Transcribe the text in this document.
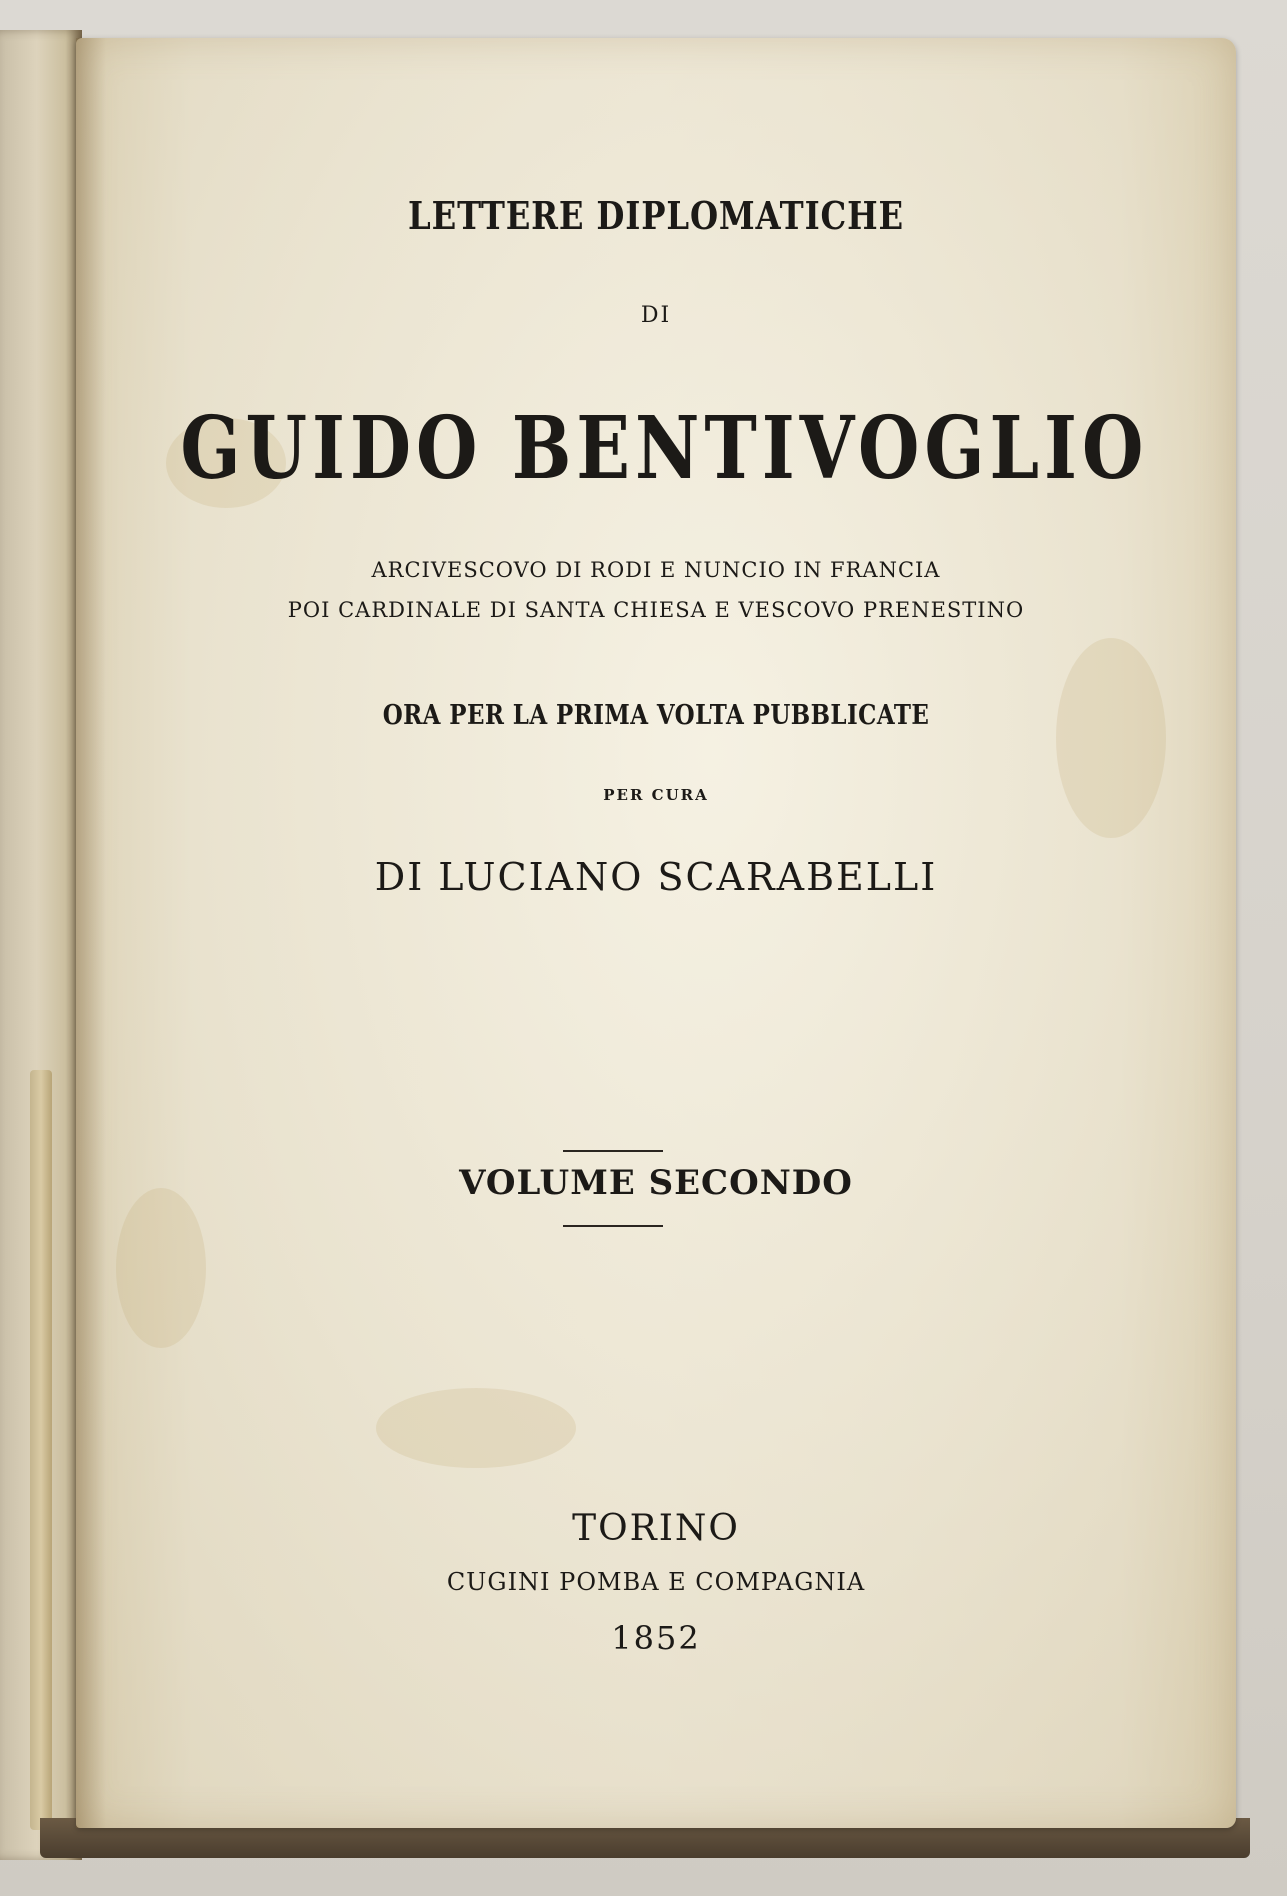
LETTERE DIPLOMATICHE

DI

GUIDO BENTIVOGLIO

ARCIVESCOVO DI RODI E NUNCIO IN FRANCIA

POI CARDINALE DI SANTA CHIESA E VESCOVO PRENESTINO

ORA PER LA PRIMA VOLTA PUBBLICATE

PER CURA

DI LUCIANO SCARABELLI

VOLUME SECONDO

TORINO

CUGINI POMBA E COMPAGNIA

1852
